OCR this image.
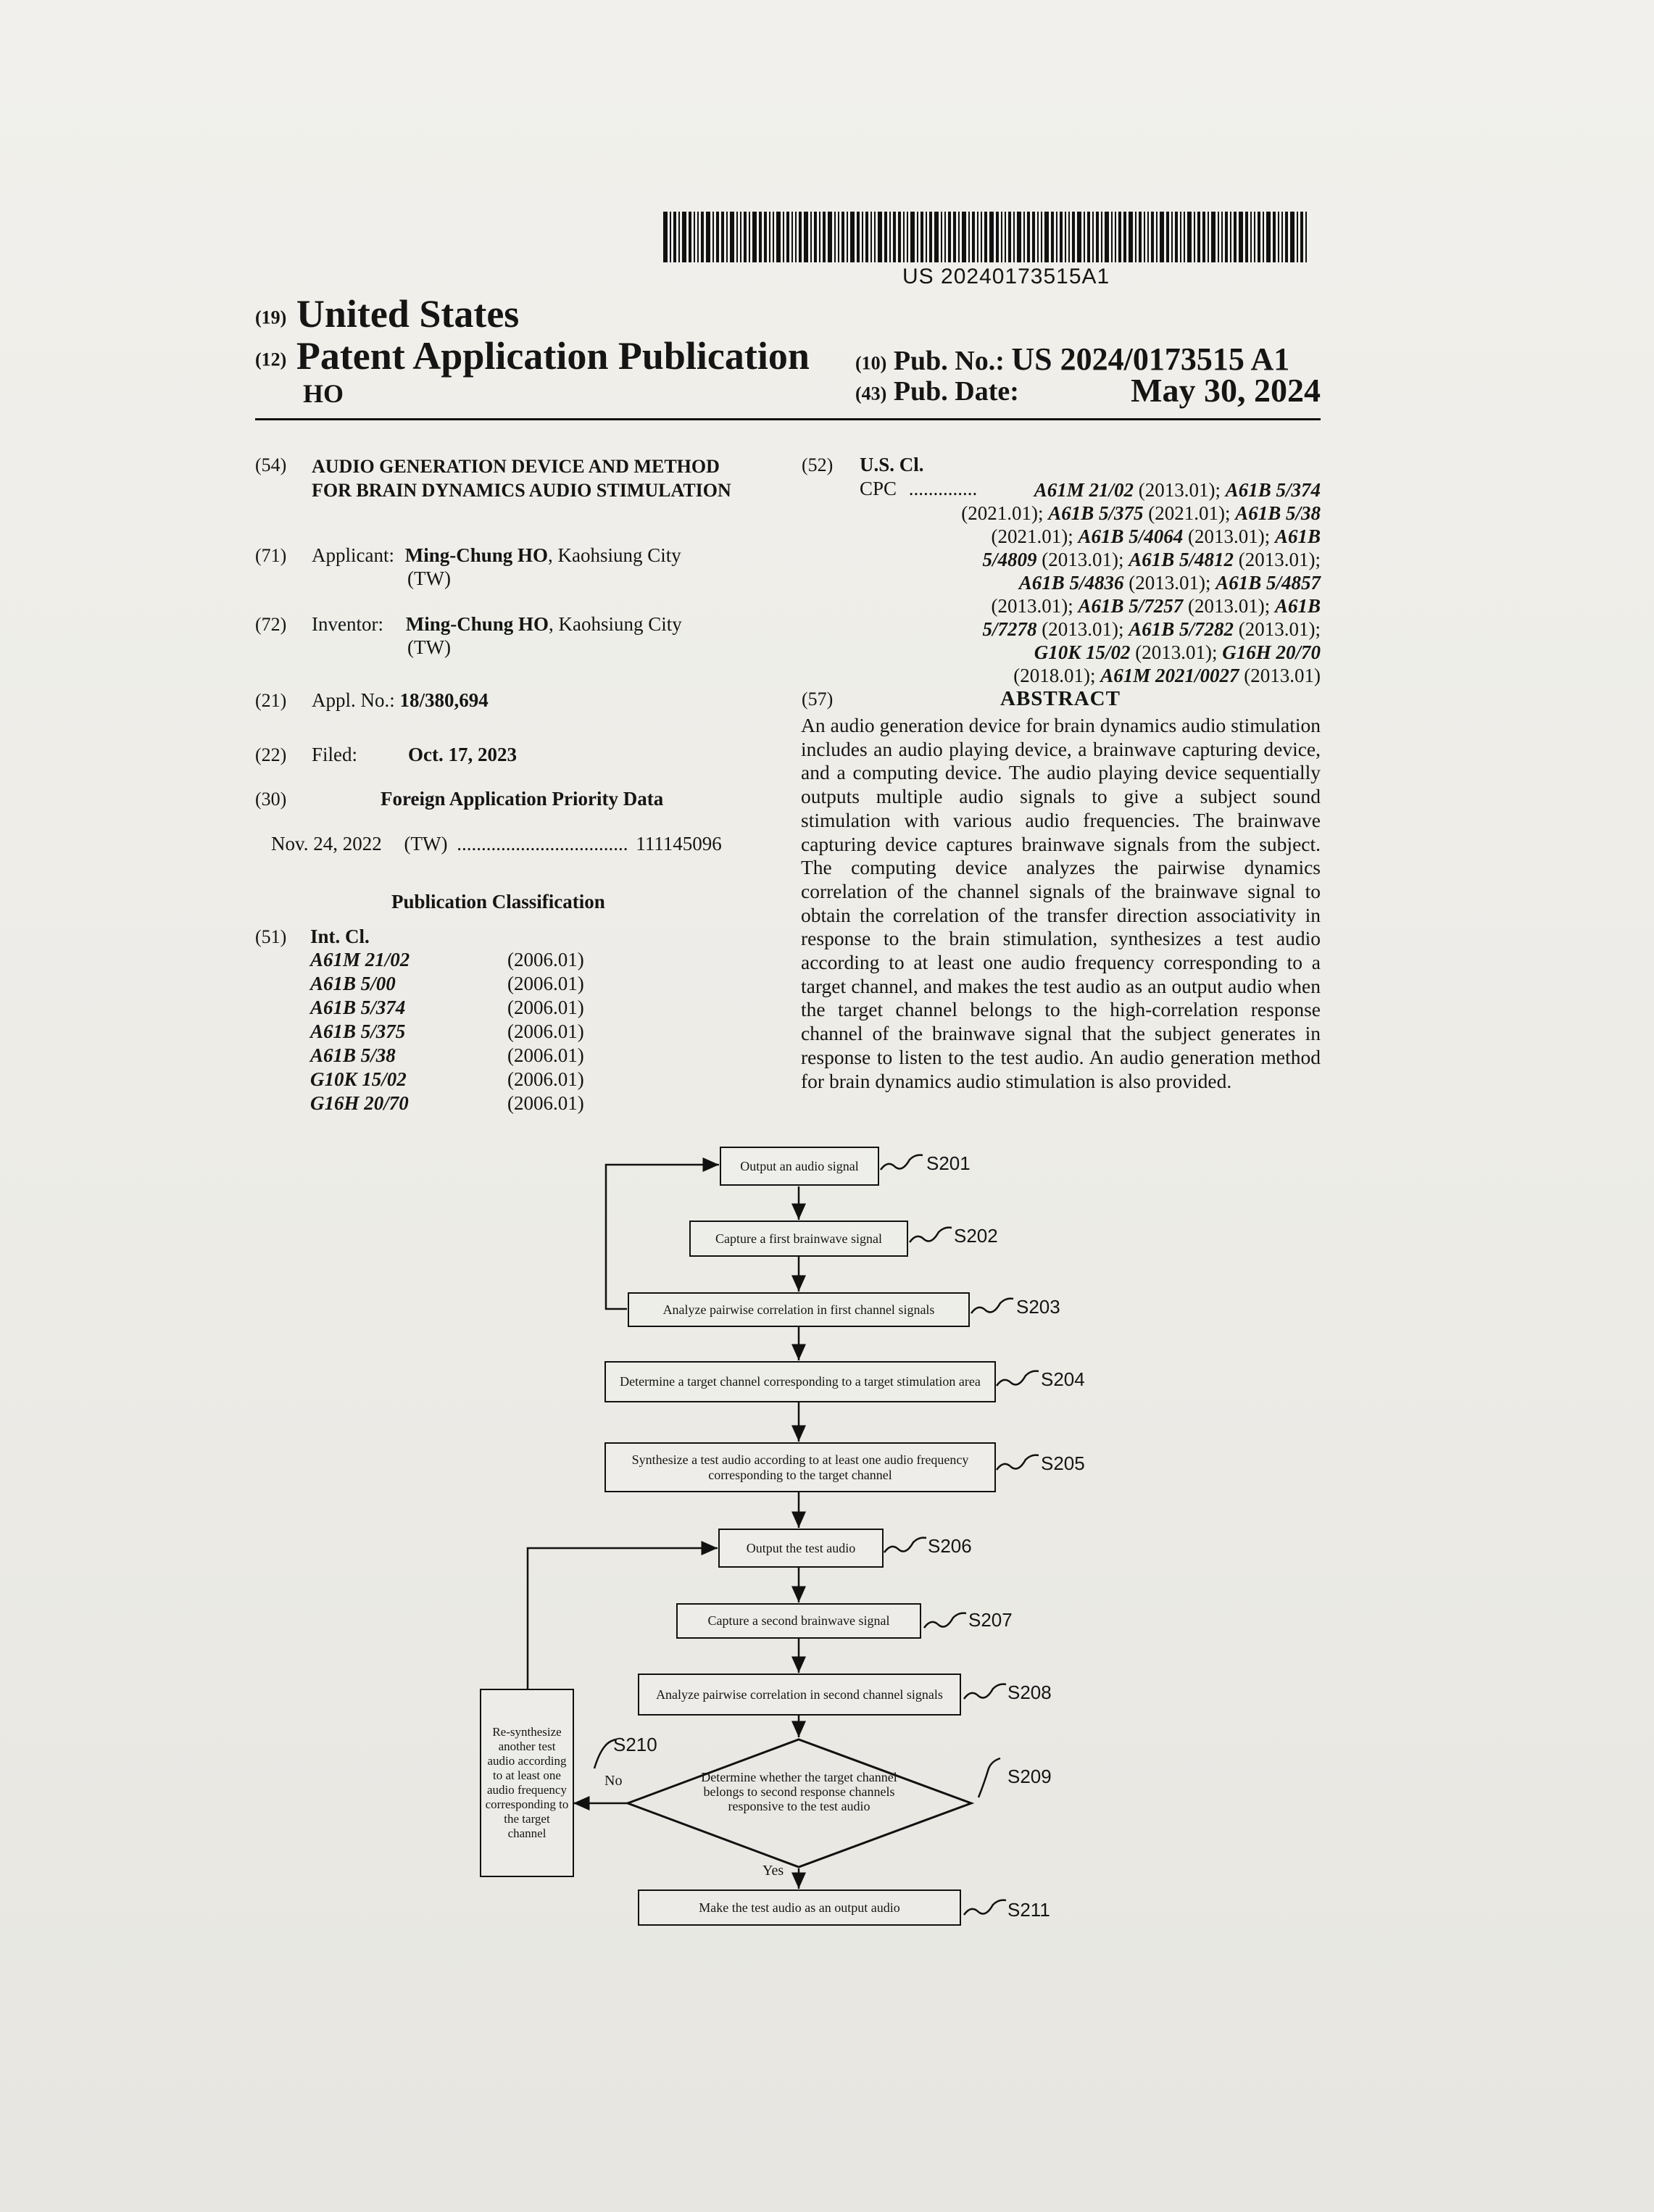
US 20240173515A1
(19) United States
(12) Patent Application Publication
HO
(10) Pub. No.: US 2024/0173515 A1
(43) Pub. Date:	May 30, 2024
(54) AUDIO GENERATION DEVICE AND METHOD FOR BRAIN DYNAMICS AUDIO STIMULATION
(71) Applicant: Ming-Chung HO, Kaohsiung City
(TW)
(72) Inventor: Ming-Chung HO, Kaohsiung City
(TW)
(21) Appl. No.: 18/380,694
(22) Filed:	Oct. 17, 2023
(30)	Foreign Application Priority Data
Nov. 24, 2022 (TW) ................................... 111145096
Publication Classification
(51) Int. Cl.
A61M 21/02	(2006.01)
A61B 5/00	(2006.01)
A61B 5/374	(2006.01)
A61B 5/375	(2006.01)
A61B 5/38	(2006.01)
G10K 15/02	(2006.01)
G16H 20/70	(2006.01)
(52) U.S. Cl.
CPC ..............	A61M 21/02 (2013.01); A61B 5/374
(2021.01); A61B 5/375 (2021.01); A61B 5/38
(2021.01); A61B 5/4064 (2013.01); A61B
5/4809 (2013.01); A61B 5/4812 (2013.01);
A61B 5/4836 (2013.01); A61B 5/4857
(2013.01); A61B 5/7257 (2013.01); A61B
5/7278 (2013.01); A61B 5/7282 (2013.01);
G10K 15/02 (2013.01); G16H 20/70
(2018.01); A61M 2021/0027 (2013.01)
(57)	ABSTRACT
An audio generation device for brain dynamics audio stimulation includes an audio playing device, a brainwave capturing device, and a computing device. The audio playing device sequentially outputs multiple audio signals to give a subject sound stimulation with various audio frequencies. The brainwave capturing device captures brainwave signals from the subject. The computing device analyzes the pairwise dynamics correlation of the channel signals of the brainwave signal to obtain the correlation of the transfer direction associativity in response to the brain stimulation, synthesizes a test audio according to at least one audio frequency corresponding to a target channel, and makes the test audio as an output audio when the target channel belongs to the high-correlation response channel of the brainwave signal that the subject generates in response to listen to the test audio. An audio generation method for brain dynamics audio stimulation is also provided.
Output an audio signal	S201
Capture a first brainwave signal	S202
Analyze pairwise correlation in first channel signals	S203
Determine a target channel corresponding to a target stimulation area	S204
Synthesize a test audio according to at least one audio frequency corresponding to the target channel
S205
Output the test audio	S206
Capture a second brainwave signal	S207
Analyze pairwise correlation in second channel signals	S208
Determine whether the target channel belongs to second response channels responsive to the test audio
S209
Re-synthesize another test audio according to at least one audio frequency corresponding to the target channel
S210
No
Yes
Make the test audio as an output audio	S211
